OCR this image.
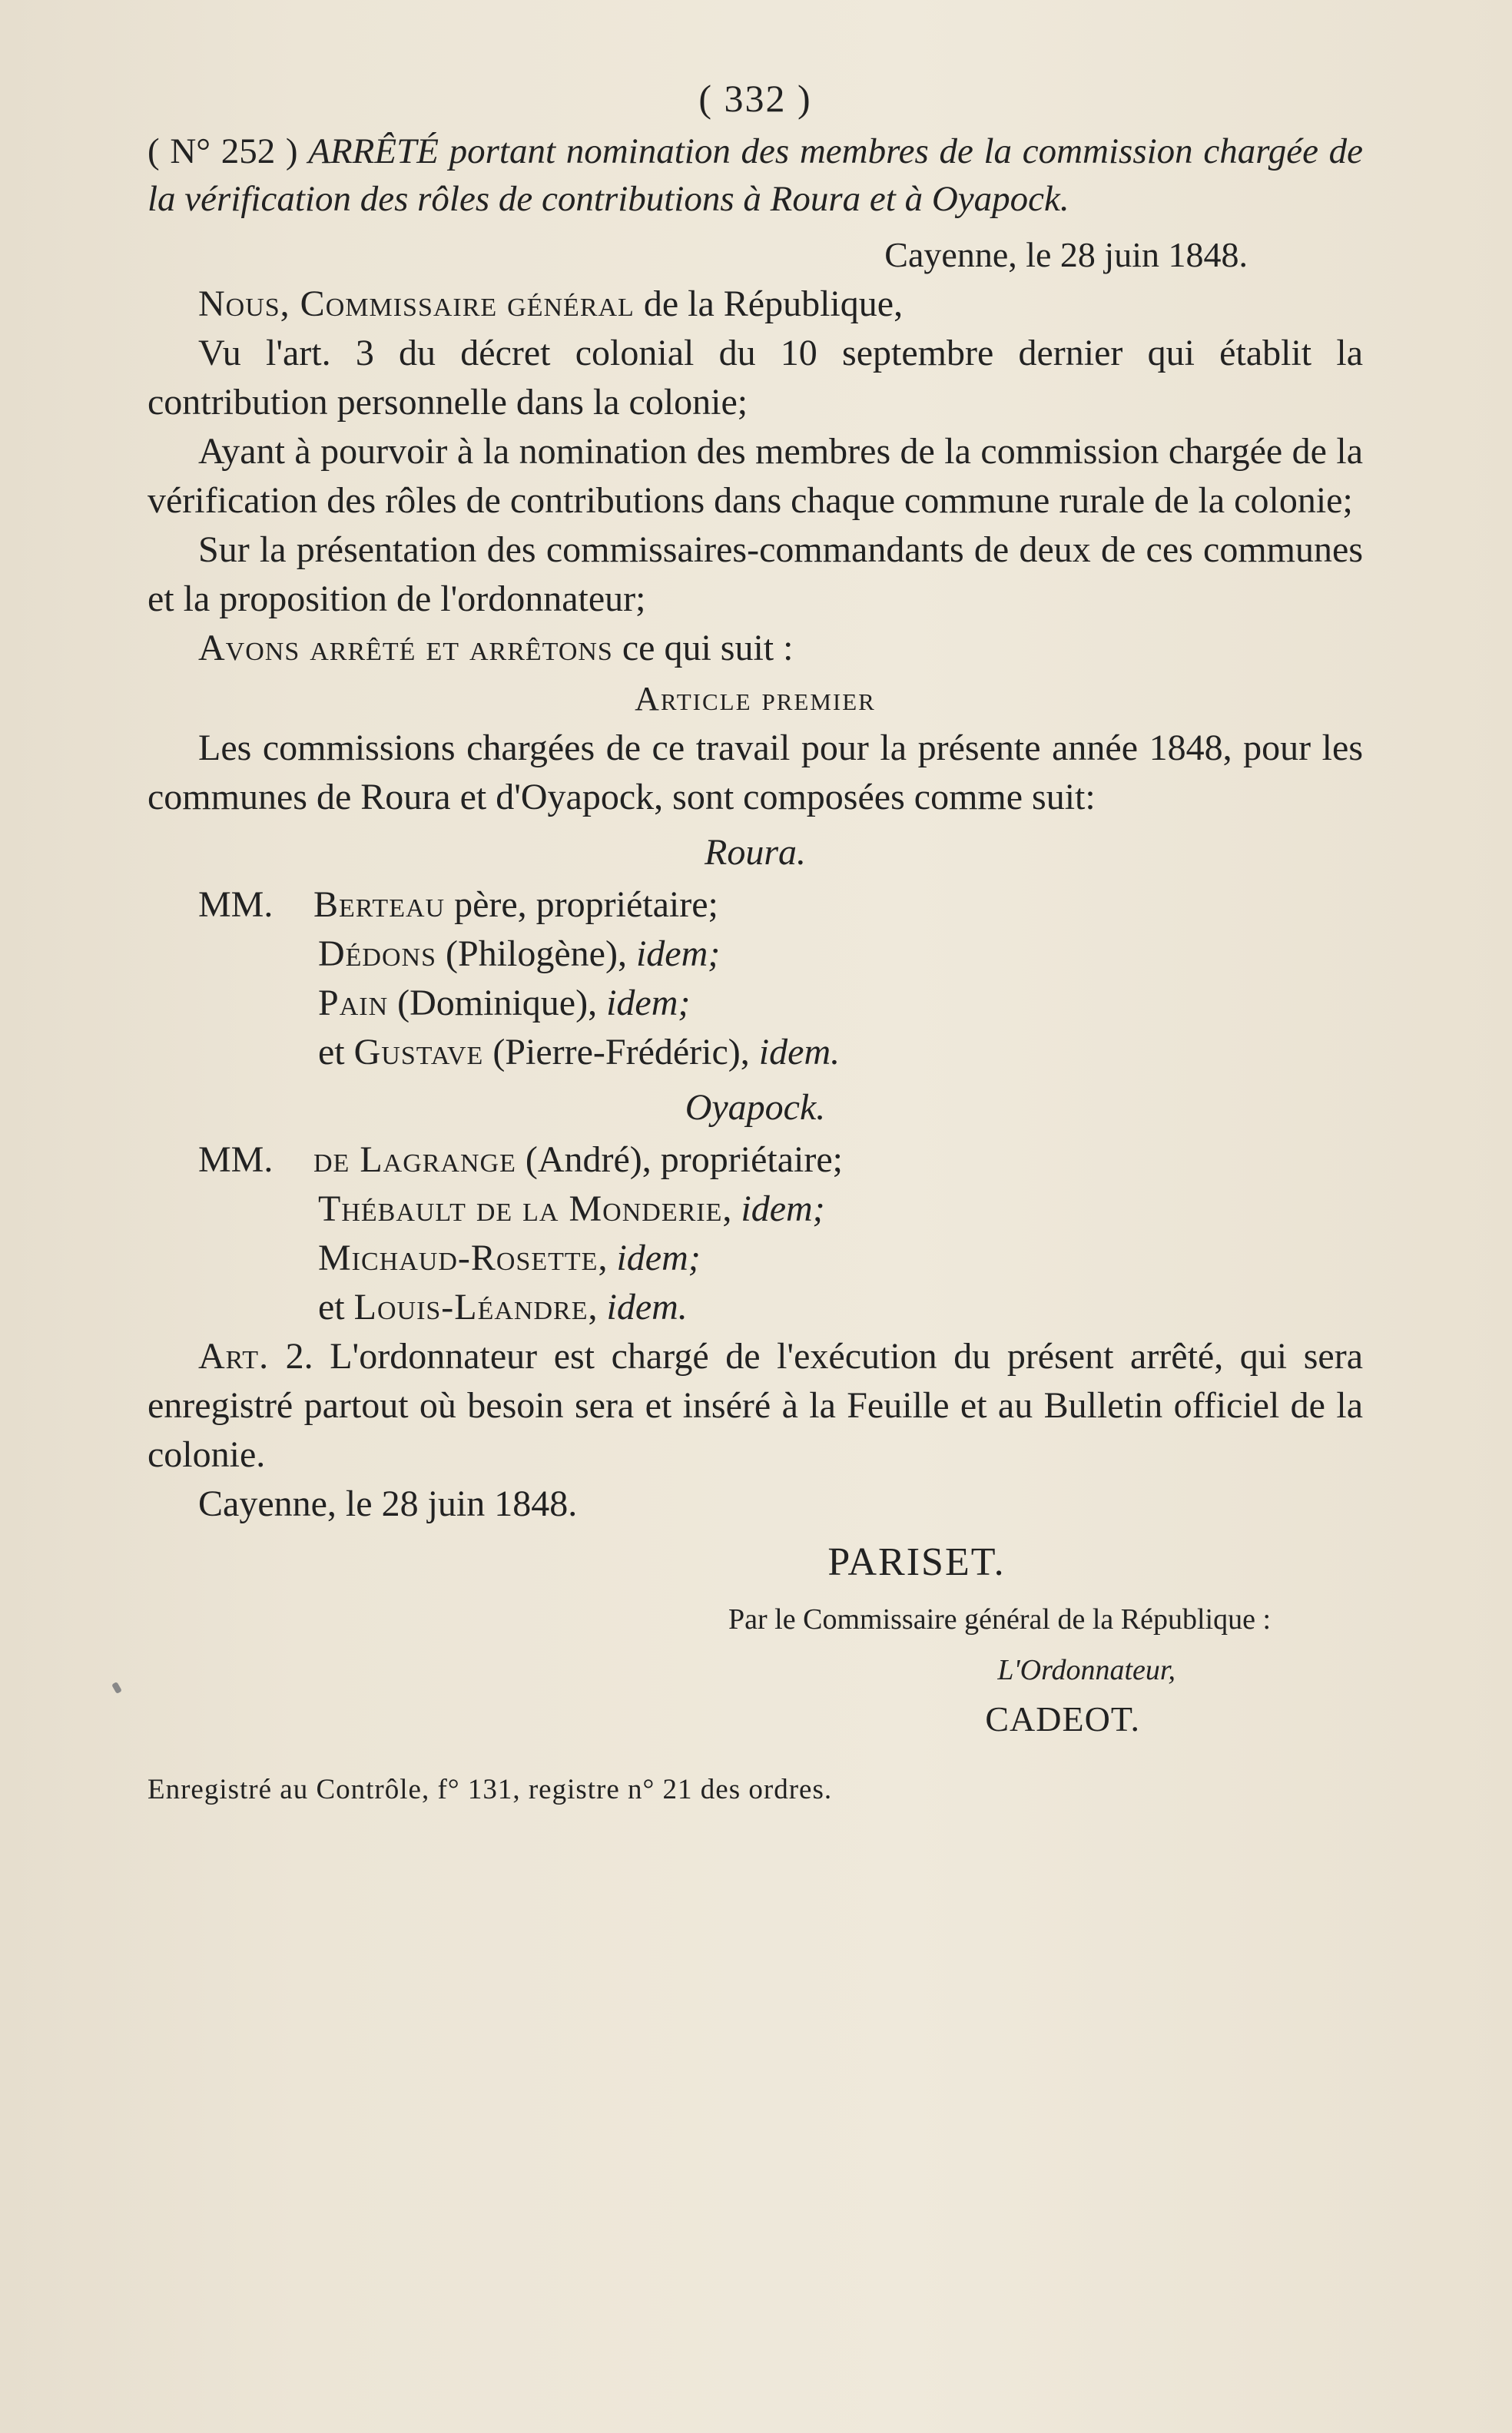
( 332 )
( N° 252 ) ARRÊTÉ portant nomination des membres de la commission chargée de la vérification des rôles de contributions à Roura et à Oyapock.
Cayenne, le 28 juin 1848.

Nous, Commissaire général de la République,

Vu l'art. 3 du décret colonial du 10 septembre dernier qui établit la contribution personnelle dans la colonie;

Ayant à pourvoir à la nomination des membres de la commission chargée de la vérification des rôles de contributions dans chaque commune rurale de la colonie;

Sur la présentation des commissaires-commandants de deux de ces communes et la proposition de l'ordonnateur;

Avons arrêté et arrêtons ce qui suit :

Article premier

Les commissions chargées de ce travail pour la présente année 1848, pour les communes de Roura et d'Oyapock, sont composées comme suit:

Roura.
MM.	Berteau père, propriétaire;
Dédons (Philogène), idem;
Pain (Dominique), idem;
et Gustave (Pierre-Frédéric), idem.
Oyapock.
MM.	de Lagrange (André), propriétaire;
Thébault de la Monderie, idem;
Michaud-Rosette, idem;
et Louis-Léandre, idem.

Art. 2. L'ordonnateur est chargé de l'exécution du présent arrêté, qui sera enregistré partout où besoin sera et inséré à la Feuille et au Bulletin officiel de la colonie.

Cayenne, le 28 juin 1848.

PARISET.
Par le Commissaire général de la République :
L'Ordonnateur,
CADEOT.
Enregistré au Contrôle, f° 131, registre n° 21 des ordres.
